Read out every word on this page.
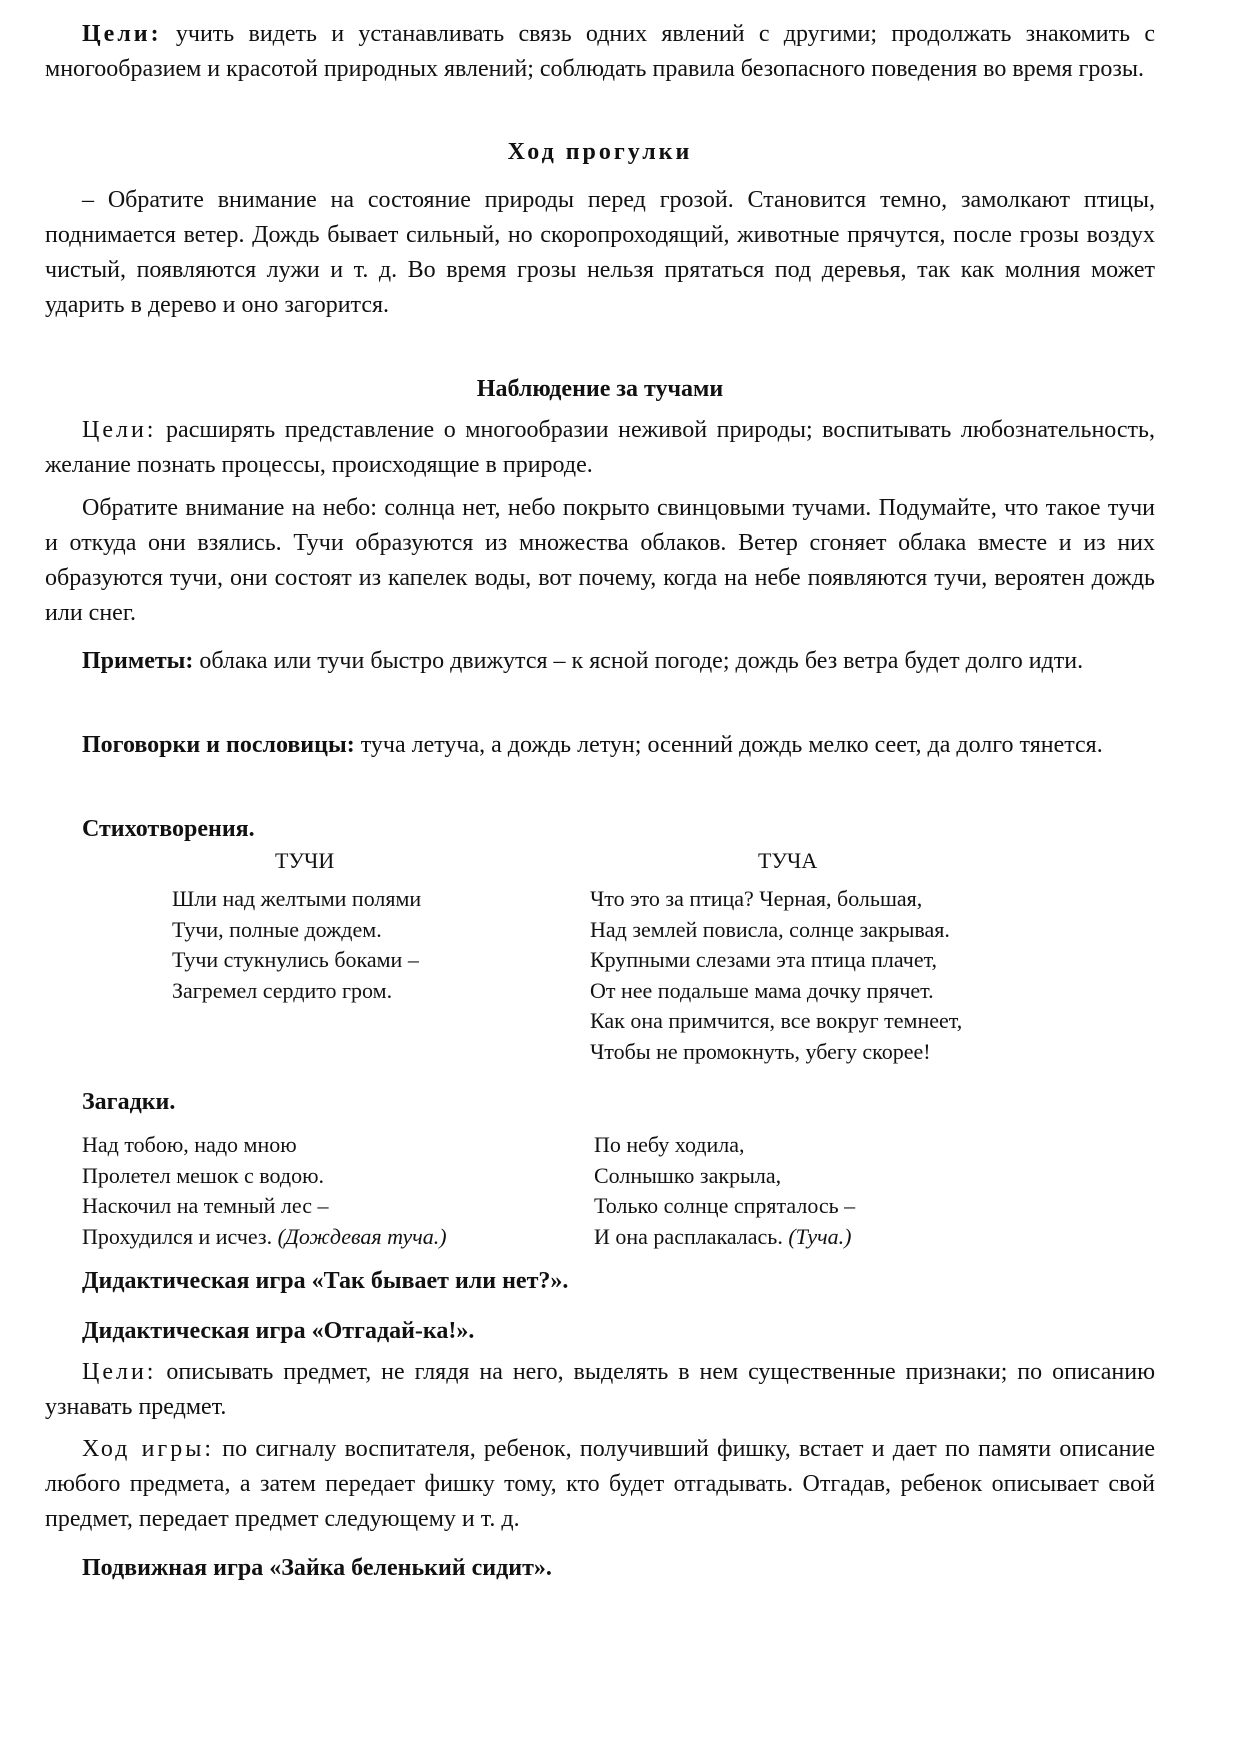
Цели: учить видеть и устанавливать связь одних явлений с другими; продолжать знакомить с многообразием и красотой природных явлений; соблюдать правила безопасного поведения во время грозы.
Ход прогулки
– Обратите внимание на состояние природы перед грозой. Становится темно, замолкают птицы, поднимается ветер. Дождь бывает сильный, но скоропроходящий, животные прячутся, после грозы воздух чистый, появляются лужи и т. д. Во время грозы нельзя прятаться под деревья, так как молния может ударить в дерево и оно загорится.
Наблюдение за тучами
Цели: расширять представление о многообразии неживой природы; воспитывать любознательность, желание познать процессы, происходящие в природе.
Обратите внимание на небо: солнца нет, небо покрыто свинцовыми тучами. Подумайте, что такое тучи и откуда они взялись. Тучи образуются из множества облаков. Ветер сгоняет облака вместе и из них образуются тучи, они состоят из капелек воды, вот почему, когда на небе появляются тучи, вероятен дождь или снег.
Приметы: облака или тучи быстро движутся – к ясной погоде; дождь без ветра будет долго идти.
Поговорки и пословицы: туча летуча, а дождь летун; осенний дождь мелко сеет, да долго тянется.
Стихотворения.
ТУЧИ	ТУЧА
Шли над желтыми полями
Тучи, полные дождем.
Тучи стукнулись боками –
Загремел сердито гром.
Что это за птица? Черная, большая,
Над землей повисла, солнце закрывая.
Крупными слезами эта птица плачет,
От нее подальше мама дочку прячет.
Как она примчится, все вокруг темнеет,
Чтобы не промокнуть, убегу скорее!
Загадки.
Над тобою, надо мною
Пролетел мешок с водою.
Наскочил на темный лес –
Прохудился и исчез. (Дождевая туча.)
По небу ходила,
Солнышко закрыла,
Только солнце спряталось –
И она расплакалась. (Туча.)
Дидактическая игра «Так бывает или нет?».
Дидактическая игра «Отгадай-ка!».
Цели: описывать предмет, не глядя на него, выделять в нем существенные признаки; по описанию узнавать предмет.
Ход игры: по сигналу воспитателя, ребенок, получивший фишку, встает и дает по памяти описание любого предмета, а затем передает фишку тому, кто будет отгадывать. Отгадав, ребенок описывает свой предмет, передает предмет следующему и т. д.
Подвижная игра «Зайка беленький сидит».
